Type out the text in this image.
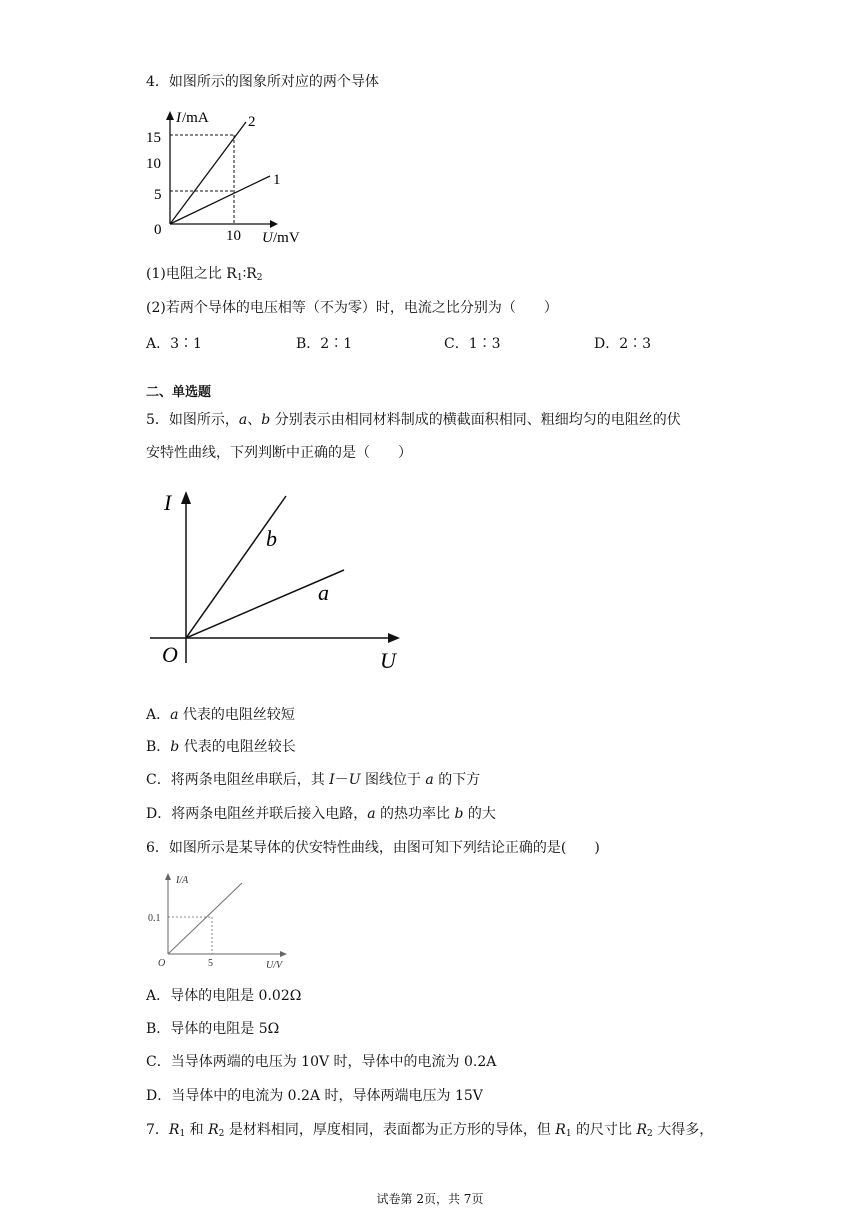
4．如图所示的图象所对应的两个导体
I /mA
15
10
5
0	10 U /mV
2
1
(1)电阻之比 $R_1∶R_2$
(2)若两个导体的电压相等（不为零）时，电流之比分别为（　　）
A．3∶1	B．2∶1	C．1∶3	D．2∶3
二、单选题
5．如图所示，a、b 分别表示由相同材料制成的横截面积相同、粗细均匀的电阻丝的伏
安特性曲线，下列判断中正确的是（　　）
I
U
O
b
a
A．a 代表的电阻丝较短
B．b 代表的电阻丝较长
C．将两条电阻丝串联后，其 I－U 图线位于 a 的下方
D．将两条电阻丝并联后接入电路，a 的热功率比 b 的大
6．如图所示是某导体的伏安特性曲线，由图可知下列结论正确的是(　　)
I/A
0.1
O	5	U/V
A．导体的电阻是 0.02Ω
B．导体的电阻是 5Ω
C．当导体两端的电压为 10V 时，导体中的电流为 0.2A
D．当导体中的电流为 0.2A 时，导体两端电压为 15V
7．$R_1$ 和 $R_2$ 是材料相同，厚度相同，表面都为正方形的导体，但 $R_1$ 的尺寸比 $R_2$ 大得多，
试卷第 2页，共 7页
